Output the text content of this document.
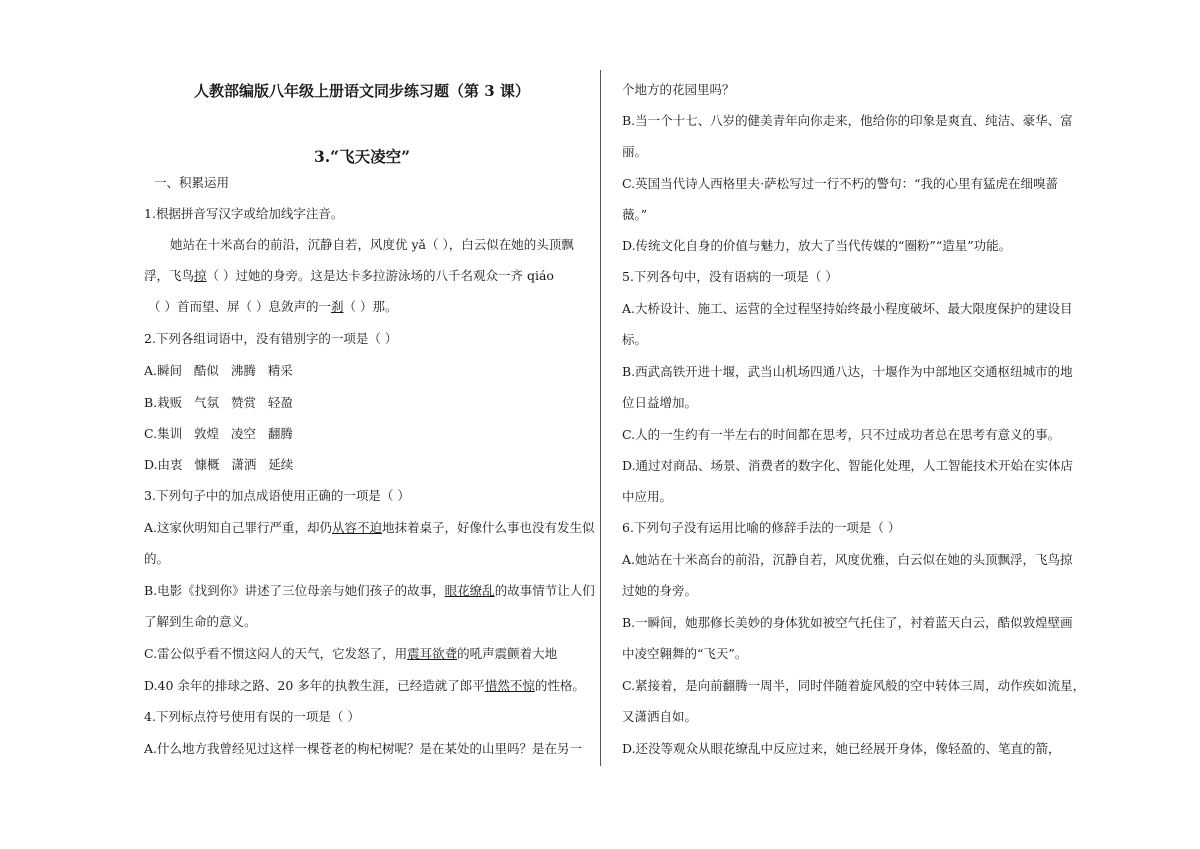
人教部编版八年级上册语文同步练习题（第 3 课）
3.“飞天凌空”
一、积累运用
1.根据拼音写汉字或给加线字注音。
她站在十米高台的前沿，沉静自若，风度优 yǎ（ ），白云似在她的头顶飘
浮，飞鸟掠（ ）过她的身旁。这是达卡多拉游泳场的八千名观众一齐 qiáo
（ ）首而望、屏（ ）息敛声的一刹（ ）那。
2.下列各组词语中，没有错别字的一项是（ ）
A.瞬间   酷似   沸腾   精采
B.栽贩   气氛   赞赏   轻盈
C.集训   敦煌   凌空   翻腾
D.由衷   慷概   潇洒   延续
3.下列句子中的加点成语使用正确的一项是（ ）
A.这家伙明知自己罪行严重，却仍从容不迫地抹着桌子，好像什么事也没有发生似
的。
B.电影《找到你》讲述了三位母亲与她们孩子的故事，眼花缭乱的故事情节让人们
了解到生命的意义。
C.雷公似乎看不惯这闷人的天气，它发怒了，用震耳欲聋的吼声震颤着大地
D.40 余年的排球之路、20 多年的执教生涯，已经造就了郎平惜然不惊的性格。
4.下列标点符号使用有误的一项是（ ）
A.什么地方我曾经见过这样一棵苍老的枸杞树呢？是在某处的山里吗？是在另一
个地方的花园里吗？
B.当一个十七、八岁的健美青年向你走来，他给你的印象是爽直、纯洁、豪华、富
丽。
C.英国当代诗人西格里夫·萨松写过一行不朽的警句：“我的心里有猛虎在细嗅蔷
薇。”
D.传统文化自身的价值与魅力，放大了当代传媒的“圈粉”“造星”功能。
5.下列各句中，没有语病的一项是（ ）
A.大桥设计、施工、运营的全过程坚持始终最小程度破坏、最大限度保护的建设目
标。
B.西武高铁开进十堰，武当山机场四通八达，十堰作为中部地区交通枢纽城市的地
位日益增加。
C.人的一生约有一半左右的时间都在思考，只不过成功者总在思考有意义的事。
D.通过对商品、场景、消费者的数字化、智能化处理，人工智能技术开始在实体店
中应用。
6.下列句子没有运用比喻的修辞手法的一项是（ ）
A.她站在十米高台的前沿，沉静自若，风度优雅，白云似在她的头顶飘浮，飞鸟掠
过她的身旁。
B.一瞬间，她那修长美妙的身体犹如被空气托住了，衬着蓝天白云，酷似敦煌壁画
中凌空翱舞的“飞天”。
C.紧接着，是向前翻腾一周半，同时伴随着旋风般的空中转体三周，动作疾如流星，
又潇洒自如。
D.还没等观众从眼花缭乱中反应过来，她已经展开身体，像轻盈的、笔直的箭，
